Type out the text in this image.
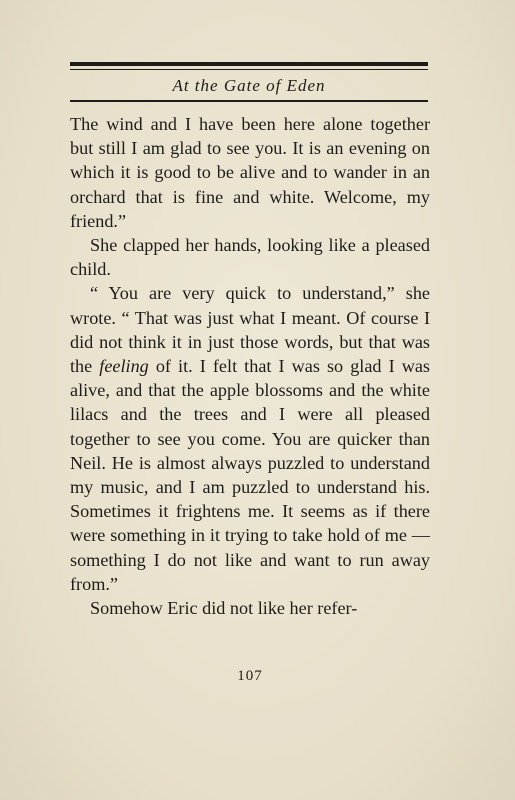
At the Gate of Eden

The wind and I have been here alone together but still I am glad to see you. It is an evening on which it is good to be alive and to wander in an orchard that is fine and white. Welcome, my friend.”

She clapped her hands, looking like a pleased child.

“ You are very quick to understand,” she wrote. “ That was just what I meant. Of course I did not think it in just those words, but that was the feeling of it. I felt that I was so glad I was alive, and that the apple blossoms and the white lilacs and the trees and I were all pleased together to see you come. You are quicker than Neil. He is almost always puzzled to understand my music, and I am puzzled to understand his. Sometimes it frightens me. It seems as if there were something in it trying to take hold of me —something I do not like and want to run away from.”

Somehow Eric did not like her refer-

107
